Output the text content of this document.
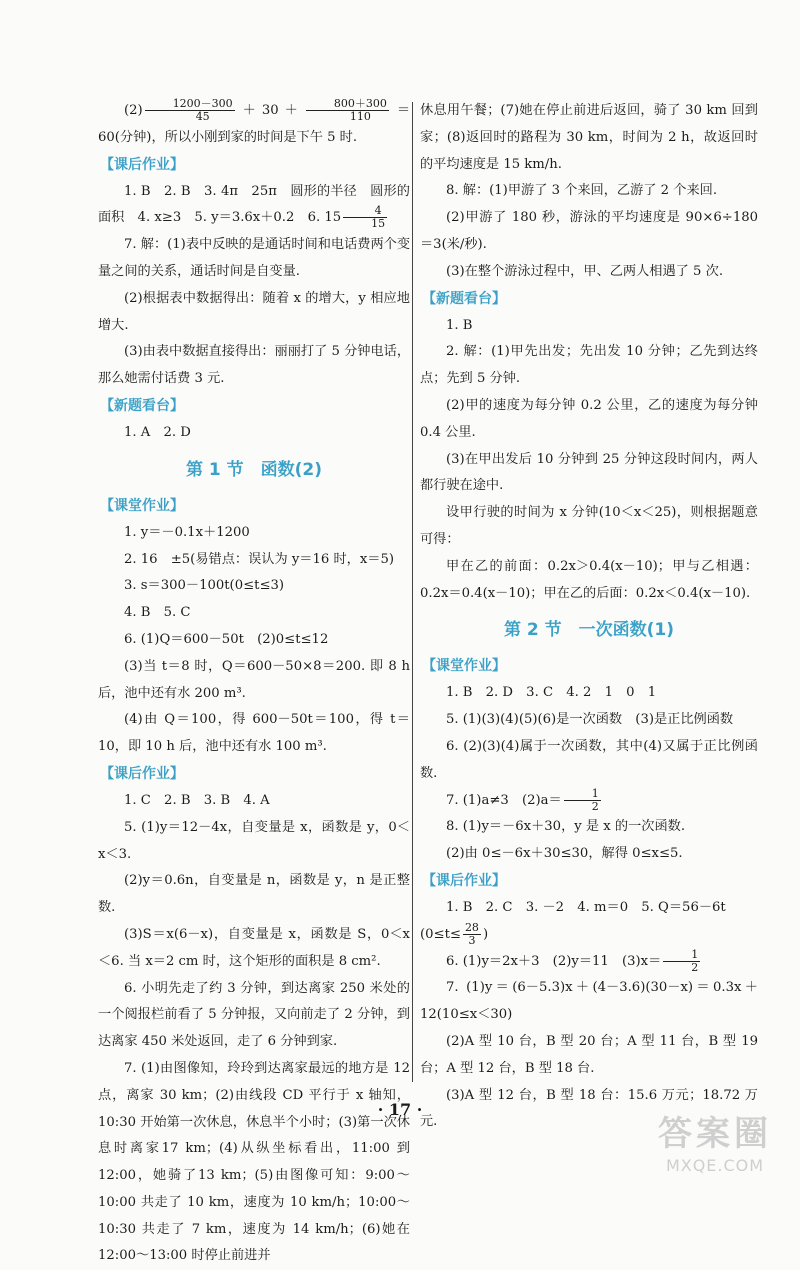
$(2) \frac{1200-300}{45} +30+ \frac{800+300}{110} =60$(分钟)，所以小刚到家的时间是下午 5 时.

【课后作业】

1. B　2. B　3. 4π　25π　圆形的半径　圆形的面积　4. x≥3　5. y＝3.6x＋0.2　6. $15 \frac{4}{15}$

7. 解：(1)表中反映的是通话时间和电话费两个变量之间的关系，通话时间是自变量.

(2)根据表中数据得出：随着 x 的增大，y 相应地增大.

(3)由表中数据直接得出：丽丽打了 5 分钟电话，那么她需付话费 3 元.

【新题看台】

1. A　2. D

第 1 节　函数(2)
【课堂作业】

1. y＝－0.1x＋1200

2. 16　±5(易错点：误认为 y＝16 时，x＝5)

3. s＝300－100t(0≤t≤3)

4. B　5. C

6. (1)Q＝600－50t　(2)0≤t≤12

(3)当 t＝8 时，Q＝600－50×8＝200. 即 8 h 后，池中还有水 200 m³.

(4)由 Q＝100，得 600－50t＝100，得 t＝10，即 10 h 后，池中还有水 100 m³.

【课后作业】

1. C　2. B　3. B　4. A

5. (1)y＝12－4x，自变量是 x，函数是 y，0＜x＜3.

(2)y＝0.6n，自变量是 n，函数是 y，n 是正整数.

(3)S＝x(6－x)，自变量是 x，函数是 S，0＜x＜6. 当 x＝2 cm 时，这个矩形的面积是 8 cm².

6. 小明先走了约 3 分钟，到达离家 250 米处的一个阅报栏前看了 5 分钟报，又向前走了 2 分钟，到达离家 450 米处返回，走了 6 分钟到家.

7. (1)由图像知，玲玲到达离家最远的地方是 12 点，离家 30 km；(2)由线段 CD 平行于 x 轴知，10:30 开始第一次休息，休息半个小时；(3)第一次休息时离家17 km；(4)从纵坐标看出，11:00 到 12:00，她骑了13 km；(5)由图像可知：9:00～10:00 共走了 10 km，速度为 10 km/h；10:00～10:30 共走了 7 km，速度为 14 km/h；(6)她在 12:00～13:00 时停止前进并

休息用午餐；(7)她在停止前进后返回，骑了 30 km 回到家；(8)返回时的路程为 30 km，时间为 2 h，故返回时的平均速度是 15 km/h.

8. 解：(1)甲游了 3 个来回，乙游了 2 个来回.

(2)甲游了 180 秒，游泳的平均速度是 90×6÷180＝3(米/秒).

(3)在整个游泳过程中，甲、乙两人相遇了 5 次.

【新题看台】

1. B

2. 解：(1)甲先出发；先出发 10 分钟；乙先到达终点；先到 5 分钟.

(2)甲的速度为每分钟 0.2 公里，乙的速度为每分钟 0.4 公里.

(3)在甲出发后 10 分钟到 25 分钟这段时间内，两人都行驶在途中.

设甲行驶的时间为 x 分钟(10＜x＜25)，则根据题意可得：

甲在乙的前面：0.2x＞0.4(x－10)；甲与乙相遇：0.2x＝0.4(x－10)；甲在乙的后面：0.2x＜0.4(x－10).

第 2 节　一次函数(1)
【课堂作业】

1. B　2. D　3. C　4. 2　1　0　1

5. (1)(3)(4)(5)(6)是一次函数　(3)是正比例函数

6. (2)(3)(4)属于一次函数，其中(4)又属于正比例函数.

7. (1)a≠3　$(2)a= \frac{1}{2}$

8. (1)y＝－6x＋30，y 是 x 的一次函数.

(2)由 0≤－6x＋30≤30，解得 0≤x≤5.

【课后作业】

1. B　2. C　3. －2　4. m＝0　5. Q＝56－6t

($0\le t\le \frac{28}{3}$ )

6. (1)y＝2x＋3　(2)y＝11　$(3)x= \frac{1}{2}$

7. (1)y＝(6－5.3)x＋(4－3.6)(30－x)＝0.3x＋12(10≤x＜30)

(2)A 型 10 台，B 型 20 台；A 型 11 台，B 型 19 台；A 型 12 台，B 型 18 台.

(3)A 型 12 台，B 型 18 台：15.6 万元；18.72 万元.

· 17 ·
答案圈
MXQE.COM
